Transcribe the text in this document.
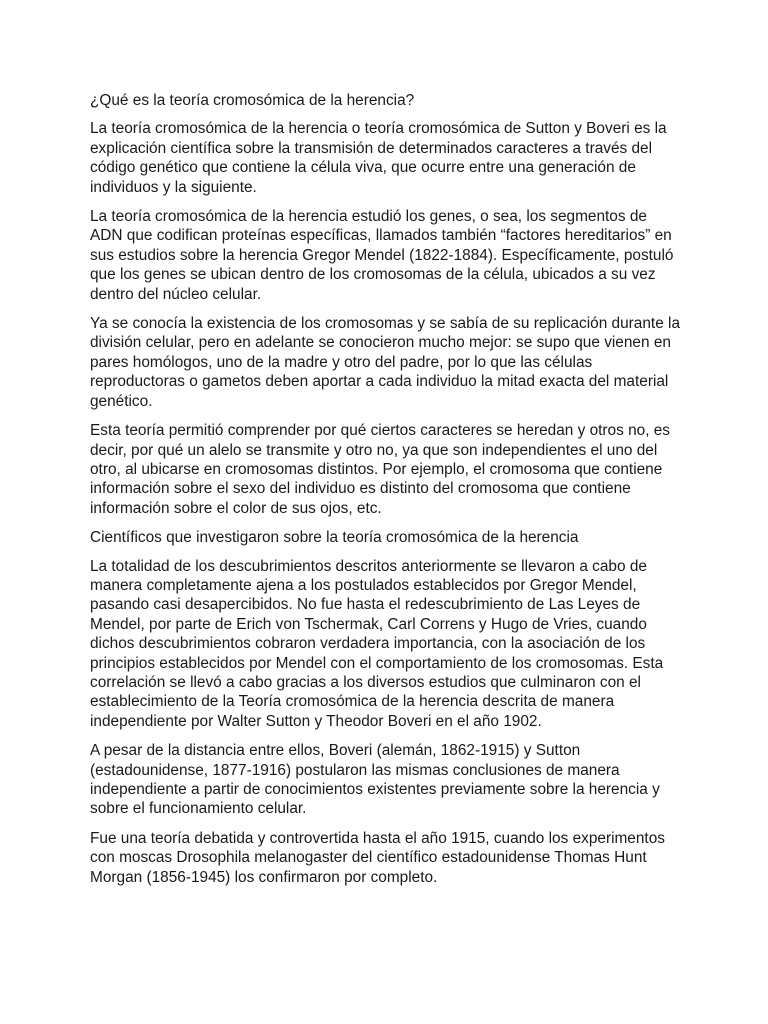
¿Qué es la teoría cromosómica de la herencia?

La teoría cromosómica de la herencia o teoría cromosómica de Sutton y Boveri es la explicación científica sobre la transmisión de determinados caracteres a través del código genético que contiene la célula viva, que ocurre entre una generación de individuos y la siguiente.

La teoría cromosómica de la herencia estudió los genes, o sea, los segmentos de ADN que codifican proteínas específicas, llamados también “factores hereditarios” en sus estudios sobre la herencia Gregor Mendel (1822-1884). Específicamente, postuló que los genes se ubican dentro de los cromosomas de la célula, ubicados a su vez dentro del núcleo celular.

Ya se conocía la existencia de los cromosomas y se sabía de su replicación durante la división celular, pero en adelante se conocieron mucho mejor: se supo que vienen en pares homólogos, uno de la madre y otro del padre, por lo que las células reproductoras o gametos deben aportar a cada individuo la mitad exacta del material genético.

Esta teoría permitió comprender por qué ciertos caracteres se heredan y otros no, es decir, por qué un alelo se transmite y otro no, ya que son independientes el uno del otro, al ubicarse en cromosomas distintos. Por ejemplo, el cromosoma que contiene información sobre el sexo del individuo es distinto del cromosoma que contiene información sobre el color de sus ojos, etc.

Científicos que investigaron sobre la teoría cromosómica de la herencia

La totalidad de los descubrimientos descritos anteriormente se llevaron a cabo de manera completamente ajena a los postulados establecidos por Gregor Mendel, pasando casi desapercibidos. No fue hasta el redescubrimiento de Las Leyes de Mendel, por parte de Erich von Tschermak, Carl Correns y Hugo de Vries, cuando dichos descubrimientos cobraron verdadera importancia, con la asociación de los principios establecidos por Mendel con el comportamiento de los cromosomas. Esta correlación se llevó a cabo gracias a los diversos estudios que culminaron con el establecimiento de la Teoría cromosómica de la herencia descrita de manera independiente por Walter Sutton y Theodor Boveri en el año 1902.

A pesar de la distancia entre ellos, Boveri (alemán, 1862-1915) y Sutton (estadounidense, 1877-1916) postularon las mismas conclusiones de manera independiente a partir de conocimientos existentes previamente sobre la herencia y sobre el funcionamiento celular.

Fue una teoría debatida y controvertida hasta el año 1915, cuando los experimentos con moscas Drosophila melanogaster del científico estadounidense Thomas Hunt Morgan (1856-1945) los confirmaron por completo.
